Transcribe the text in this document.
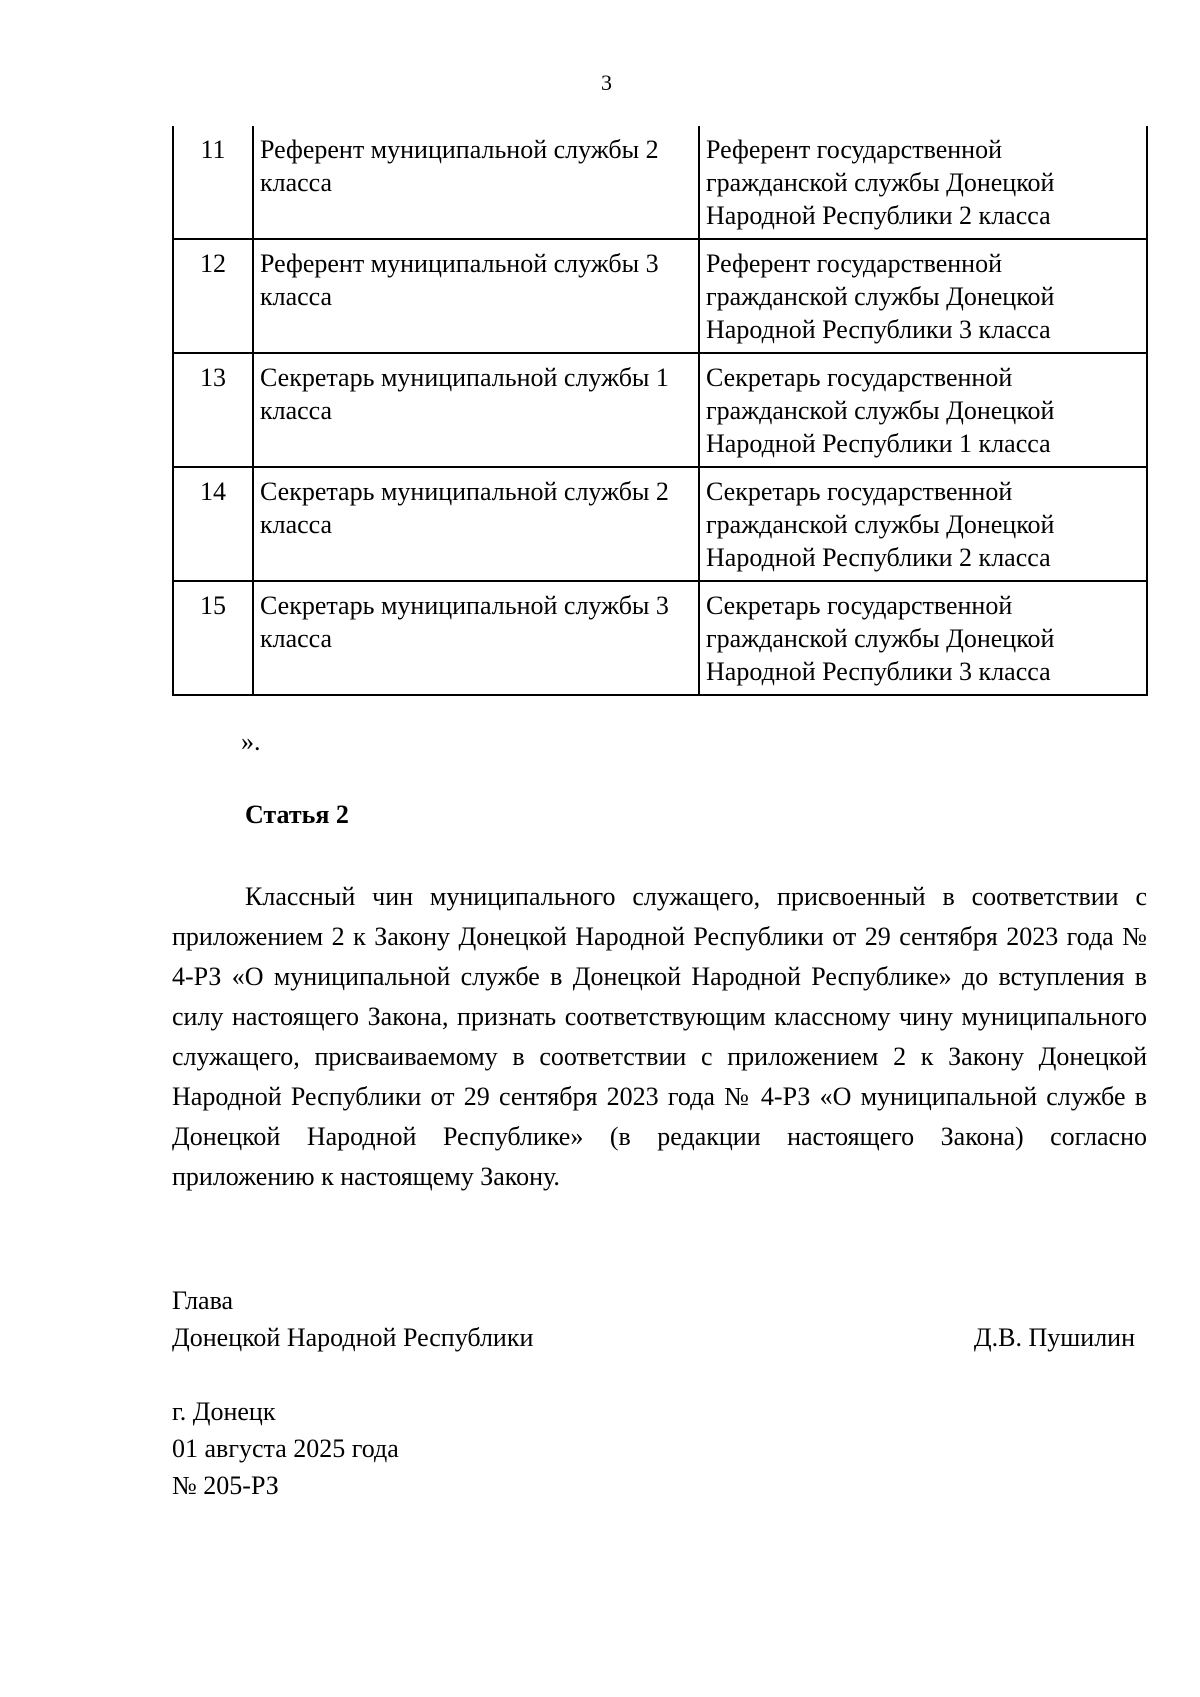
3
11	Референт муниципальной службы 2 класса	Референт государственной гражданской службы Донецкой Народной Республики 2 класса
12	Референт муниципальной службы 3 класса	Референт государственной гражданской службы Донецкой Народной Республики 3 класса
13	Секретарь муниципальной службы 1 класса	Секретарь государственной гражданской службы Донецкой Народной Республики 1 класса
14	Секретарь муниципальной службы 2 класса	Секретарь государственной гражданской службы Донецкой Народной Республики 2 класса
15	Секретарь муниципальной службы 3 класса	Секретарь государственной гражданской службы Донецкой Народной Республики 3 класса
».
Статья 2

Классный чин муниципального служащего, присвоенный в соответствии с приложением 2 к Закону Донецкой Народной Республики от 29 сентября 2023 года № 4-РЗ «О муниципальной службе в Донецкой Народной Республике» до вступления в силу настоящего Закона, признать соответствующим классному чину муниципального служащего, присваиваемому в соответствии с приложением 2 к Закону Донецкой Народной Республики от 29 сентября 2023 года № 4-РЗ «О муниципальной службе в Донецкой Народной Республике» (в редакции настоящего Закона) согласно приложению к настоящему Закону.

Глава
Донецкой Народной Республики	Д.В. Пушилин
г. Донецк
01 августа 2025 года
№ 205-РЗ
